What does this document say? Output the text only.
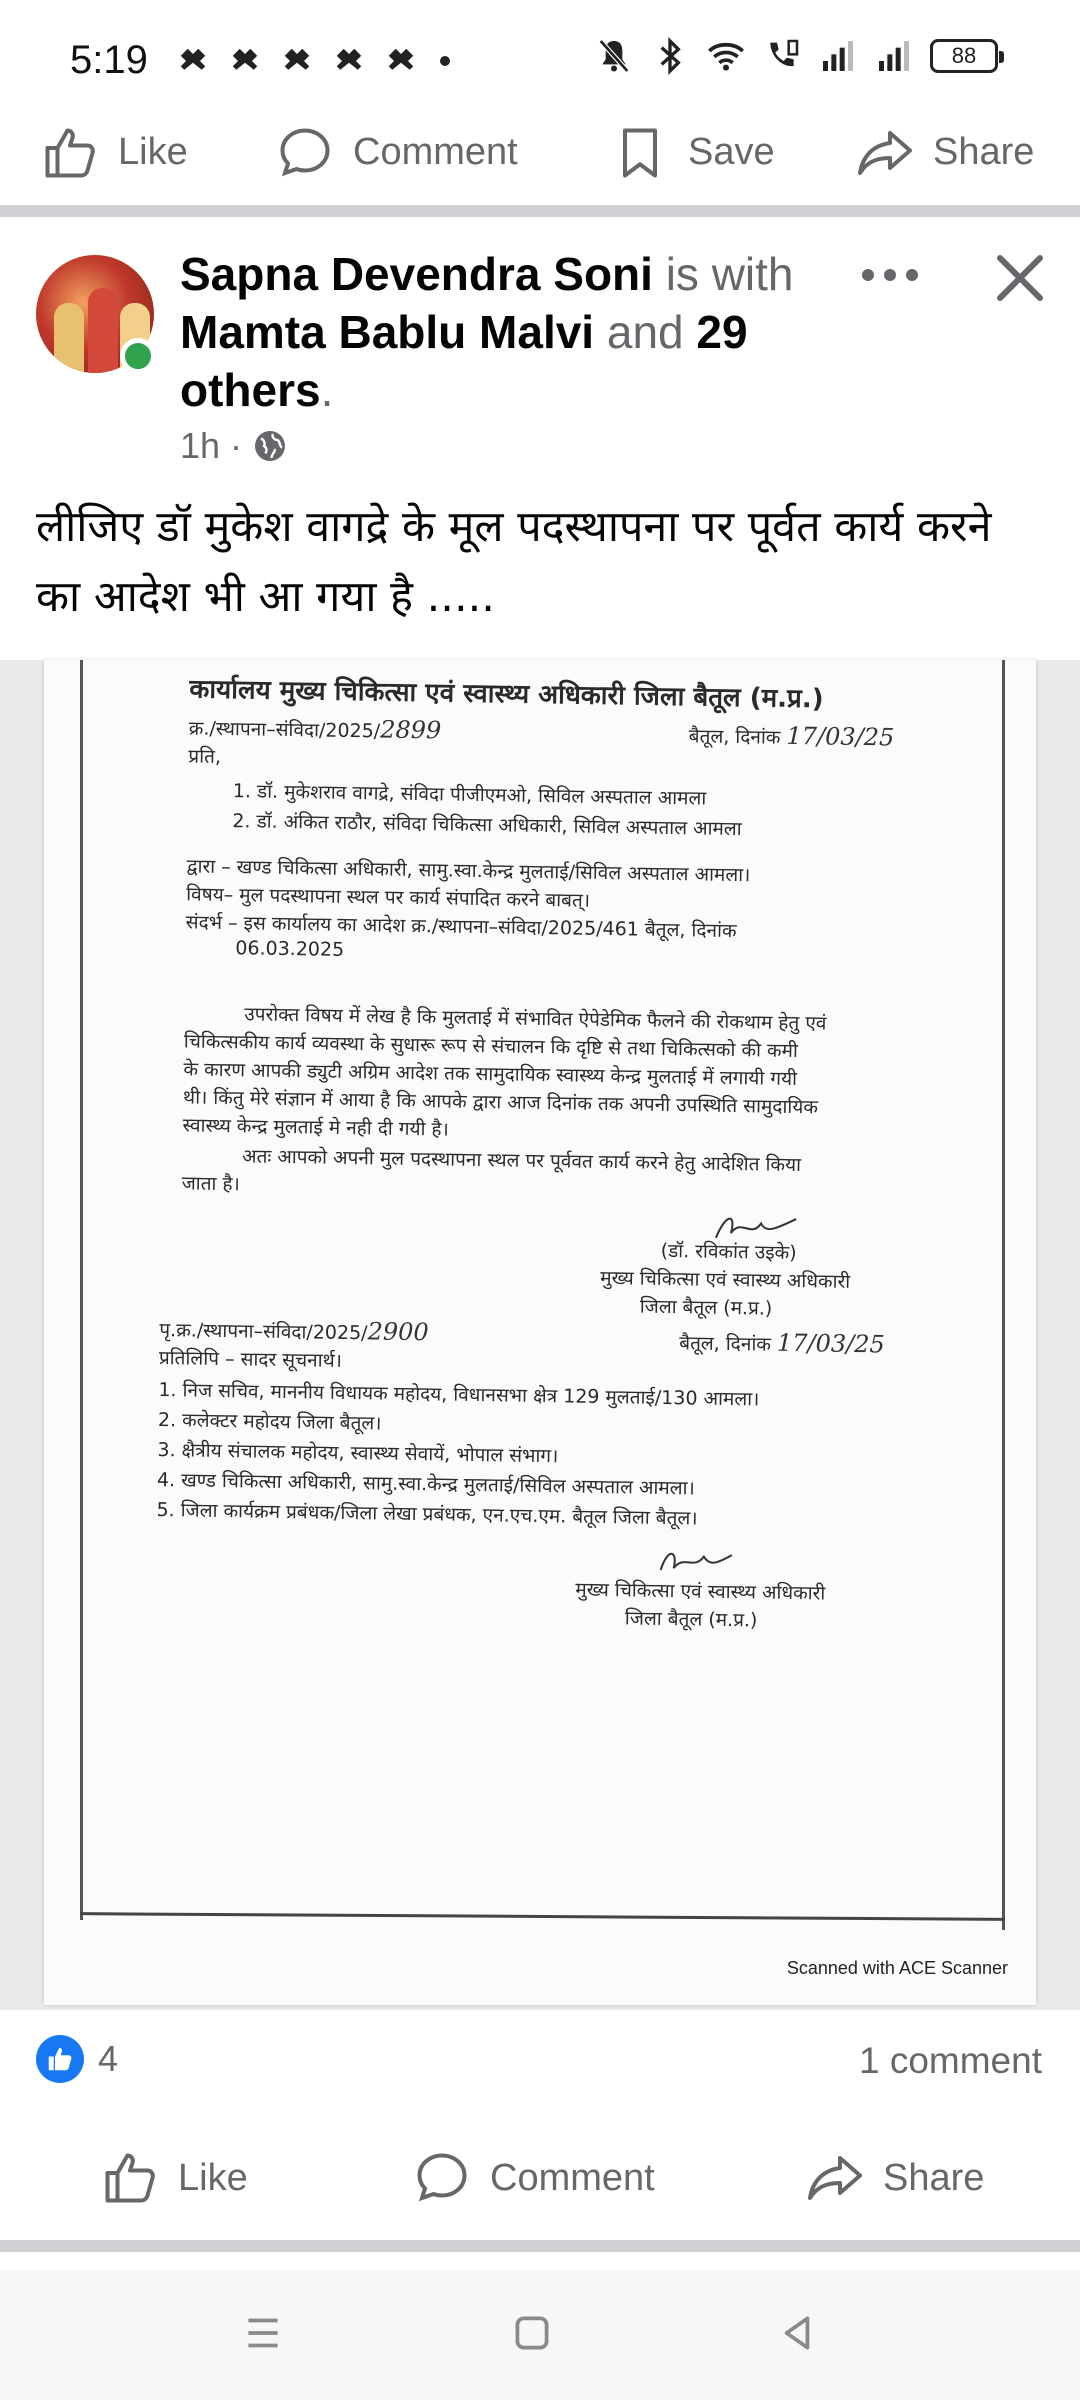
5:19	88
Like	Comment	Save	Share
Sapna Devendra Soni is with Mamta Bablu Malvi and 29 others.
1h ·
लीजिए डॉ मुकेश वागद्रे के मूल पदस्थापना पर पूर्वत कार्य करने का आदेश भी आ गया है .....
कार्यालय मुख्य चिकित्सा एवं स्वास्थ्य अधिकारी जिला बैतूल (म.प्र.)
क्र./स्थापना–संविदा/2025/2899	बैतूल, दिनांक 17/03/25
प्रति,
1. डॉ. मुकेशराव वागद्रे, संविदा पीजीएमओ, सिविल अस्पताल आमला
2. डॉ. अंकित राठौर, संविदा चिकित्सा अधिकारी, सिविल अस्पताल आमला
द्वारा – खण्ड चिकित्सा अधिकारी, सामु.स्वा.केन्द्र मुलताई/सिविल अस्पताल आमला।
विषय– मुल पदस्थापना स्थल पर कार्य संपादित करने बाबत्।
संदर्भ – इस कार्यालय का आदेश क्र./स्थापना–संविदा/2025/461 बैतूल, दिनांक
06.03.2025
उपरोक्त विषय में लेख है कि मुलताई में संभावित ऐपेडेमिक फैलने की रोकथाम हेतु एवं
चिकित्सकीय कार्य व्यवस्था के सुधारू रूप से संचालन कि दृष्टि से तथा चिकित्सको की कमी
के कारण आपकी ड्युटी अग्रिम आदेश तक सामुदायिक स्वास्थ्य केन्द्र मुलताई में लगायी गयी
थी। किंतु मेरे संज्ञान में आया है कि आपके द्वारा आज दिनांक तक अपनी उपस्थिति सामुदायिक
स्वास्थ्य केन्द्र मुलताई मे नही दी गयी है।
अतः आपको अपनी मुल पदस्थापना स्थल पर पूर्ववत कार्य करने हेतु आदेशित किया
जाता है।
(डॉ. रविकांत उइके)
मुख्य चिकित्सा एवं स्वास्थ्य अधिकारी
जिला बैतूल (म.प्र.)
पृ.क्र./स्थापना–संविदा/2025/2900	बैतूल, दिनांक 17/03/25
प्रतिलिपि – सादर सूचनार्थ।
1. निज सचिव, माननीय विधायक महोदय, विधानसभा क्षेत्र 129 मुलताई/130 आमला।
2. कलेक्टर महोदय जिला बैतूल।
3. क्षैत्रीय संचालक महोदय, स्वास्थ्य सेवायें, भोपाल संभाग।
4. खण्ड चिकित्सा अधिकारी, सामु.स्वा.केन्द्र मुलताई/सिविल अस्पताल आमला।
5. जिला कार्यक्रम प्रबंधक/जिला लेखा प्रबंधक, एन.एच.एम. बैतूल जिला बैतूल।
मुख्य चिकित्सा एवं स्वास्थ्य अधिकारी
जिला बैतूल (म.प्र.)
Scanned with ACE Scanner
4	1 comment
Like	Comment	Share
